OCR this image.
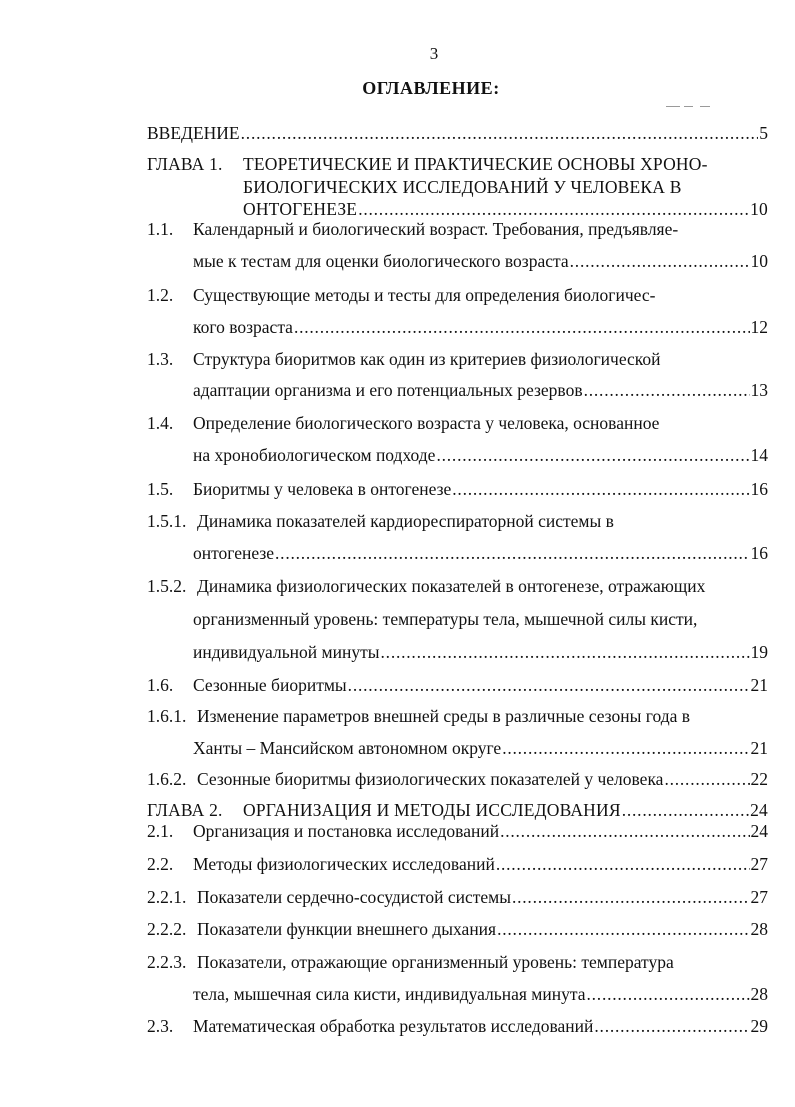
3
ОГЛАВЛЕНИЕ:
ВВЕДЕНИЕ . . .	5
ГЛАВА 1.	ТЕОРЕТИЧЕСКИЕ И ПРАКТИЧЕСКИЕ ОСНОВЫ ХРОНО-
БИОЛОГИЧЕСКИХ ИССЛЕДОВАНИЙ У ЧЕЛОВЕКА В
ОНТОГЕНЕЗЕ . . .	10
1.1.	Календарный и биологический возраст. Требования, предъявляе-
мые к тестам для оценки биологического возраста . . .	10
1.2.	Существующие методы и тесты для определения биологичес-
кого возраста . . .	12
1.3.	Структура биоритмов как один из критериев физиологической
адаптации организма и его потенциальных резервов . . .	13
1.4.	Определение биологического возраста у человека, основанное
на хронобиологическом подходе . . .	14
1.5.	Биоритмы у человека в онтогенезе . . .	16
1.5.1. Динамика показателей кардиореспираторной системы в
онтогенезе . . .	16
1.5.2. Динамика физиологических показателей в онтогенезе, отражающих
организменный уровень: температуры тела, мышечной силы кисти,
индивидуальной минуты . . .	19
1.6.	Сезонные биоритмы . . .	21
1.6.1. Изменение параметров внешней среды в различные сезоны года в
Ханты – Мансийском автономном округе . . .	21
1.6.2. Сезонные биоритмы физиологических показателей у человека . . .	22
ГЛАВА 2.	ОРГАНИЗАЦИЯ И МЕТОДЫ ИССЛЕДОВАНИЯ . . .	24
2.1.	Организация и постановка исследований . . .	24
2.2.	Методы физиологических исследований . . .	27
2.2.1. Показатели сердечно-сосудистой системы . . .	27
2.2.2. Показатели функции внешнего дыхания . . .	28
2.2.3. Показатели, отражающие организменный уровень: температура
тела, мышечная сила кисти, индивидуальная минута . . .	28
2.3.	Математическая обработка результатов исследований . . .	29
